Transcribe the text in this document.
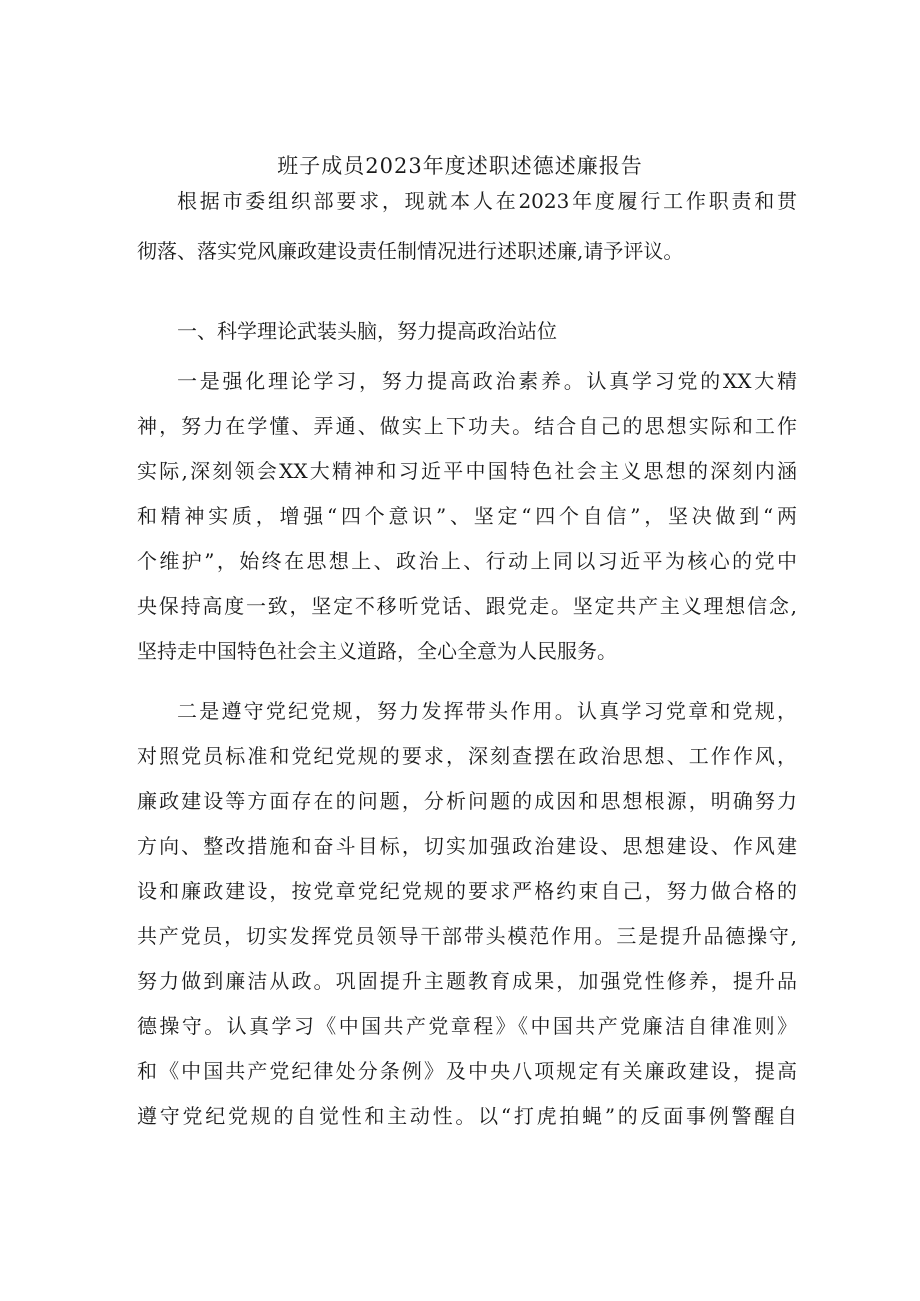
班子成员2023年度述职述德述廉报告
根据市委组织部要求，现就本人在2023年度履行工作职责和贯
彻落、落实党风廉政建设责任制情况进行述职述廉,请予评议。
一、科学理论武装头脑，努力提高政治站位
一是强化理论学习，努力提高政治素养。认真学习党的XX大精
神，努力在学懂、弄通、做实上下功夫。结合自己的思想实际和工作
实际,深刻领会XX大精神和习近平中国特色社会主义思想的深刻内涵
和精神实质，增强“四个意识”、坚定“四个自信”，坚决做到“两
个维护”，始终在思想上、政治上、行动上同以习近平为核心的党中
央保持高度一致，坚定不移听党话、跟党走。坚定共产主义理想信念,
坚持走中国特色社会主义道路，全心全意为人民服务。
二是遵守党纪党规，努力发挥带头作用。认真学习党章和党规，
对照党员标准和党纪党规的要求，深刻查摆在政治思想、工作作风，
廉政建设等方面存在的问题，分析问题的成因和思想根源，明确努力
方向、整改措施和奋斗目标，切实加强政治建设、思想建设、作风建
设和廉政建设，按党章党纪党规的要求严格约束自己，努力做合格的
共产党员，切实发挥党员领导干部带头模范作用。三是提升品德操守,
努力做到廉洁从政。巩固提升主题教育成果，加强党性修养，提升品
德操守。认真学习《中国共产党章程》《中国共产党廉洁自律准则》
和《中国共产党纪律处分条例》及中央八项规定有关廉政建设，提高
遵守党纪党规的自觉性和主动性。以“打虎拍蝇”的反面事例警醒自
